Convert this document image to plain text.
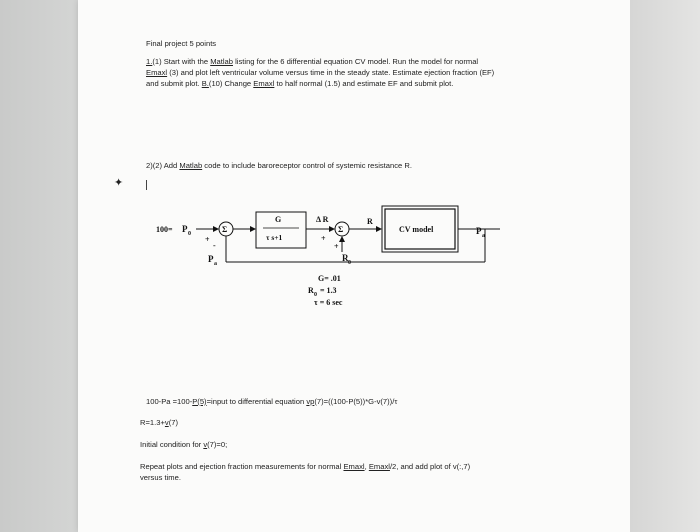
Final project 5 points
1.(1) Start with the Matlab listing for the 6 differential equation CV model. Run the model for normal
Emaxl (3) and plot left ventricular volume versus time in the steady state. Estimate ejection fraction (EF)
and submit plot. B.(10) Change Emaxl to half normal (1.5) and estimate EF and submit plot.
2)(2) Add Matlab code to include baroreceptor control of systemic resistance R.
✦
100= P 0	Σ
+
-
P a
G
τ s+1
Δ R
+
Σ
+
R 0
R
CV model	P a
G= .01
R 0 = 1.3
τ = 6 sec
100-Pa =100-P(5)=input to differential equation vp(7)=((100-P(5))*G-v(7))/τ
R=1.3+v(7)
Initial condition for v(7)=0;
Repeat plots and ejection fraction measurements for normal Emaxl, Emaxl/2, and add plot of v(:,7)
versus time.
